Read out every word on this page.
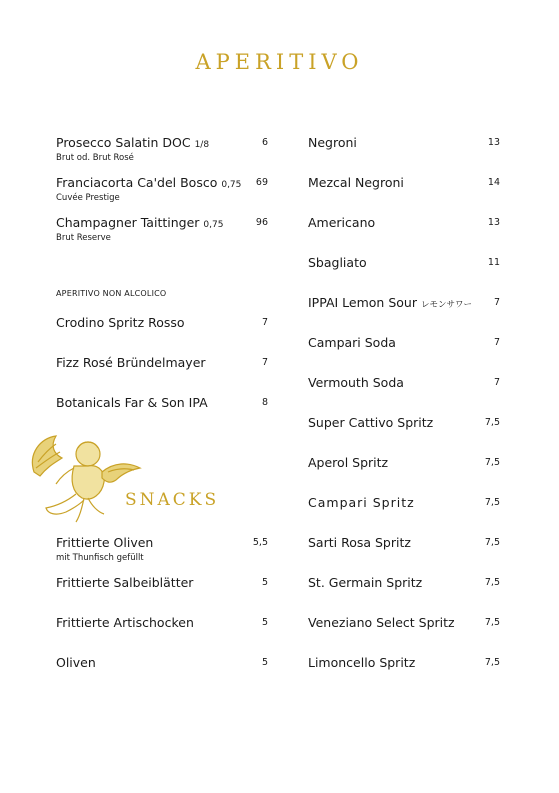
APERITIVO
Prosecco Salatin DOC 1/8
Brut od. Brut Rosé
6
Franciacorta Ca'del Bosco 0,75
Cuvée Prestige
69
Champagner Taittinger 0,75
Brut Reserve
96
APERITIVO NON ALCOLICO
Crodino Spritz Rosso	7
Fizz Rosé Bründelmayer	7
Botanicals Far & Son IPA	8
SNACKS
Frittierte Oliven
mit Thunfisch gefüllt
5,5
Frittierte Salbeiblätter	5
Frittierte Artischocken	5
Oliven	5
Negroni	13
Mezcal Negroni	14
Americano	13
Sbagliato	11
IPPAI Lemon Sour レモンサワー 7
Campari Soda	7
Vermouth Soda	7
Super Cattivo Spritz	7,5
Aperol Spritz	7,5
Campari Spritz	7,5
Sarti Rosa Spritz	7,5
St. Germain Spritz	7,5
Veneziano Select Spritz	7,5
Limoncello Spritz	7,5
